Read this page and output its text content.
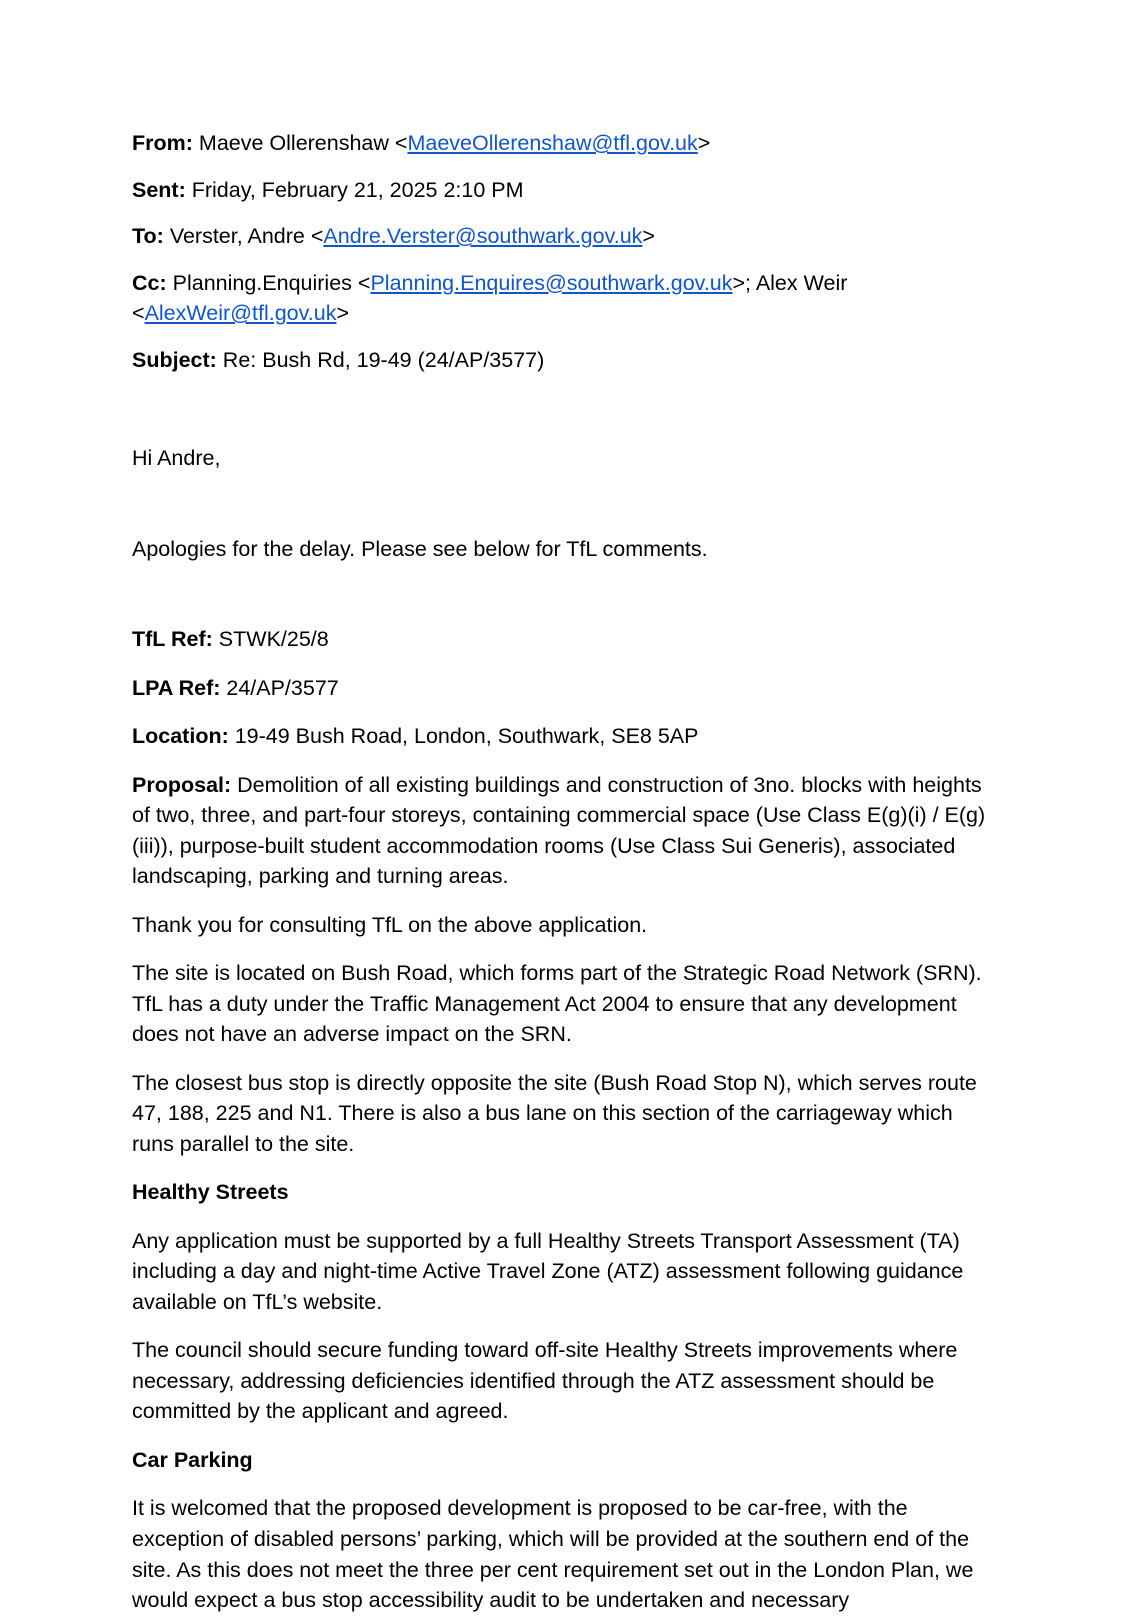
From: Maeve Ollerenshaw <MaeveOllerenshaw@tfl.gov.uk>

Sent: Friday, February 21, 2025 2:10 PM

To: Verster, Andre <Andre.Verster@southwark.gov.uk>

Cc: Planning.Enquiries <Planning.Enquires@southwark.gov.uk>; Alex Weir <AlexWeir@tfl.gov.uk>

Subject: Re: Bush Rd, 19-49 (24/AP/3577)

Hi Andre,

Apologies for the delay. Please see below for TfL comments.

TfL Ref: STWK/25/8

LPA Ref: 24/AP/3577

Location: 19-49 Bush Road, London, Southwark, SE8 5AP

Proposal: Demolition of all existing buildings and construction of 3no. blocks with heights of two, three, and part-four storeys, containing commercial space (Use Class E(g)(i) / E(g)(iii)), purpose-built student accommodation rooms (Use Class Sui Generis), associated landscaping, parking and turning areas.

Thank you for consulting TfL on the above application.

The site is located on Bush Road, which forms part of the Strategic Road Network (SRN). TfL has a duty under the Traffic Management Act 2004 to ensure that any development does not have an adverse impact on the SRN.

The closest bus stop is directly opposite the site (Bush Road Stop N), which serves route 47, 188, 225 and N1. There is also a bus lane on this section of the carriageway which runs parallel to the site.

Healthy Streets

Any application must be supported by a full Healthy Streets Transport Assessment (TA) including a day and night-time Active Travel Zone (ATZ) assessment following guidance available on TfL’s website.

The council should secure funding toward off-site Healthy Streets improvements where necessary, addressing deficiencies identified through the ATZ assessment should be committed by the applicant and agreed.

Car Parking

It is welcomed that the proposed development is proposed to be car-free, with the exception of disabled persons’ parking, which will be provided at the southern end of the site. As this does not meet the three per cent requirement set out in the London Plan, we would expect a bus stop accessibility audit to be undertaken and necessary
